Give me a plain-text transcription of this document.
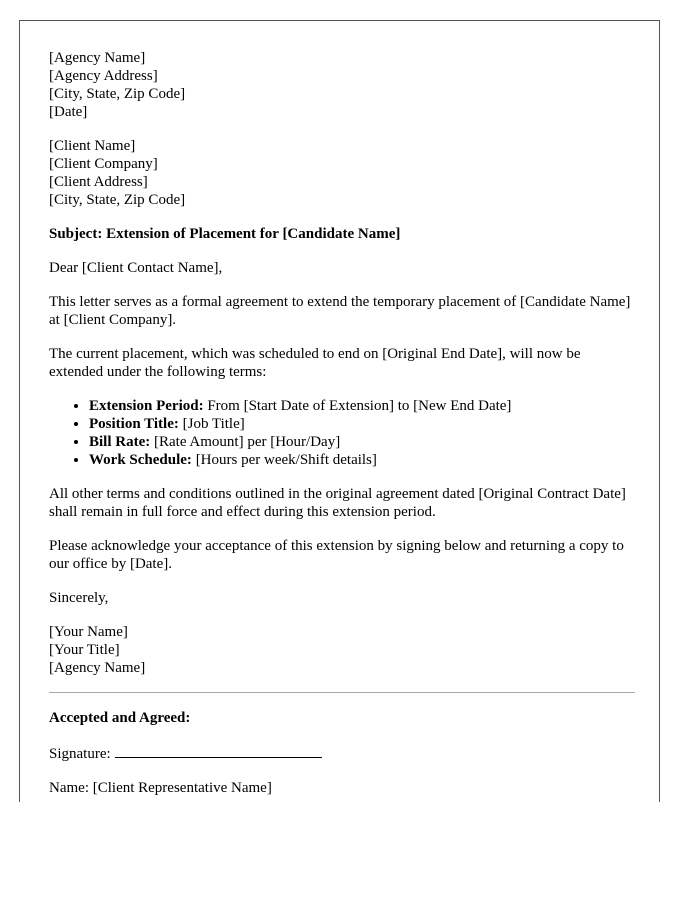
[Agency Name]
[Agency Address]
[City, State, Zip Code]
[Date]
[Client Name]
[Client Company]
[Client Address]
[City, State, Zip Code]

Subject: Extension of Placement for [Candidate Name]

Dear [Client Contact Name],

This letter serves as a formal agreement to extend the temporary placement of [Candidate Name] at [Client Company].

The current placement, which was scheduled to end on [Original End Date], will now be extended under the following terms:

• Extension Period: From [Start Date of Extension] to [New End Date]
• Position Title: [Job Title]
• Bill Rate: [Rate Amount] per [Hour/Day]
• Work Schedule: [Hours per week/Shift details]

All other terms and conditions outlined in the original agreement dated [Original Contract Date] shall remain in full force and effect during this extension period.

Please acknowledge your acceptance of this extension by signing below and returning a copy to our office by [Date].

Sincerely,

[Your Name]
[Your Title]
[Agency Name]

Accepted and Agreed:

Signature:

Name: [Client Representative Name]
